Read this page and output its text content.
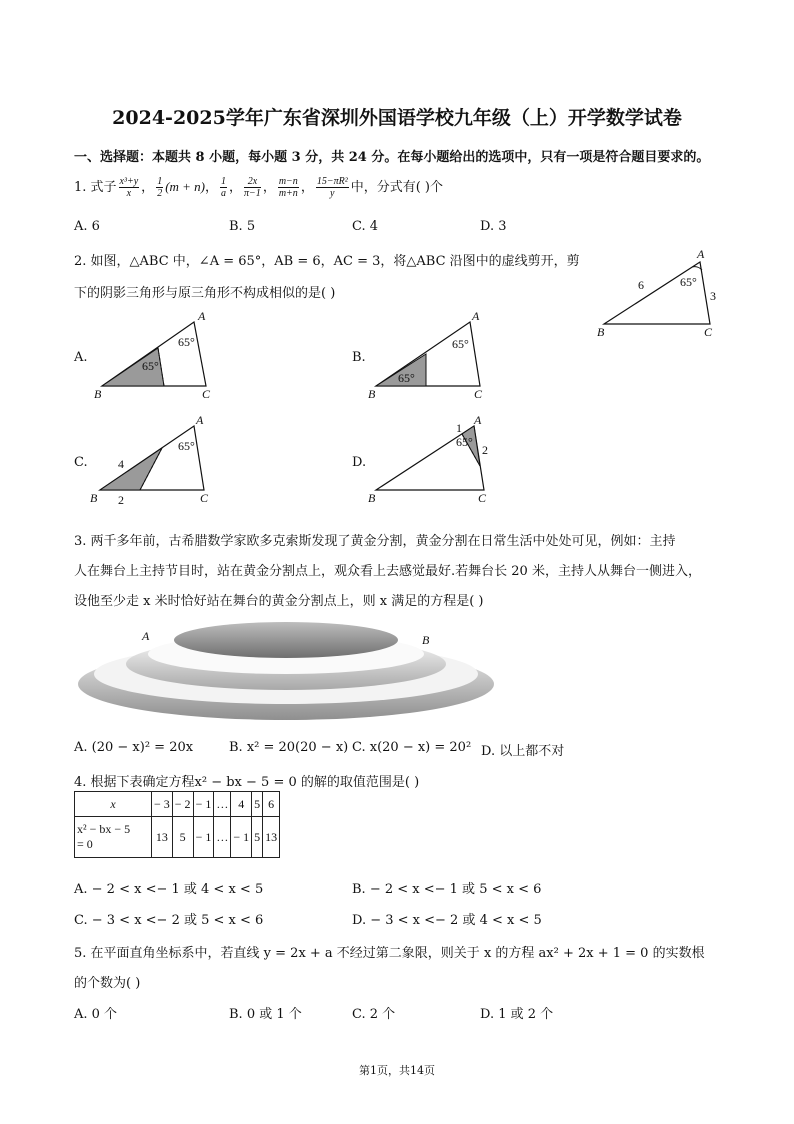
2024-2025学年广东省深圳外国语学校九年级（上）开学数学试卷
一、选择题：本题共 8 小题，每小题 3 分，共 24 分。在每小题给出的选项中，只有一项是符合题目要求的。
1. 式子 $\frac{\text{x³+y}}{x}$ ， $\frac{1}{2} (m + n)$， $\frac{1}{a}$ ， $\frac{2x}{\pi-1}$ ， $\frac{m-n}{m+n}$ ， $\frac{\text{15−πR²}}{y}$ 中，分式有( )个
A. 6	B. 5	C. 4	D. 3
2. 如图，△ABC 中，∠A = 65°，AB = 6，AC = 3，将△ABC 沿图中的虚线剪开，剪
下的阴影三角形与原三角形不构成相似的是( )
A
B	C
65°
6
3
A.
A
B	C
65°
65°
B.
A
B	C
65°
65°
C.
A
B	C
65°
4
2
D.
A
B	C
65°
1
2
3. 两千多年前，古希腊数学家欧多克索斯发现了黄金分割，黄金分割在日常生活中处处可见，例如：主持
人在舞台上主持节目时，站在黄金分割点上，观众看上去感觉最好.若舞台长 20 米，主持人从舞台一侧进入，
设他至少走 x 米时恰好站在舞台的黄金分割点上，则 x 满足的方程是( )
A	B
A. (20 − x)² = 20x	B. x² = 20(20 − x) C. x(20 − x) = 20² D. 以上都不对
4. 根据下表确定方程x² − bx − 5 = 0 的解的取值范围是( )
x	− 3	− 2	− 1	…	4	5	6

x² − bx − 5
= 0	13	5	− 1	…	− 1	5	13
A. − 2 < x <− 1 或 4 < x < 5	B. − 2 < x <− 1 或 5 < x < 6
C. − 3 < x <− 2 或 5 < x < 6	D. − 3 < x <− 2 或 4 < x < 5
5. 在平面直角坐标系中，若直线 y = 2x + a 不经过第二象限，则关于 x 的方程 ax² + 2x + 1 = 0 的实数根
的个数为( )
A. 0 个	B. 0 或 1 个	C. 2 个	D. 1 或 2 个
第1页，共14页
